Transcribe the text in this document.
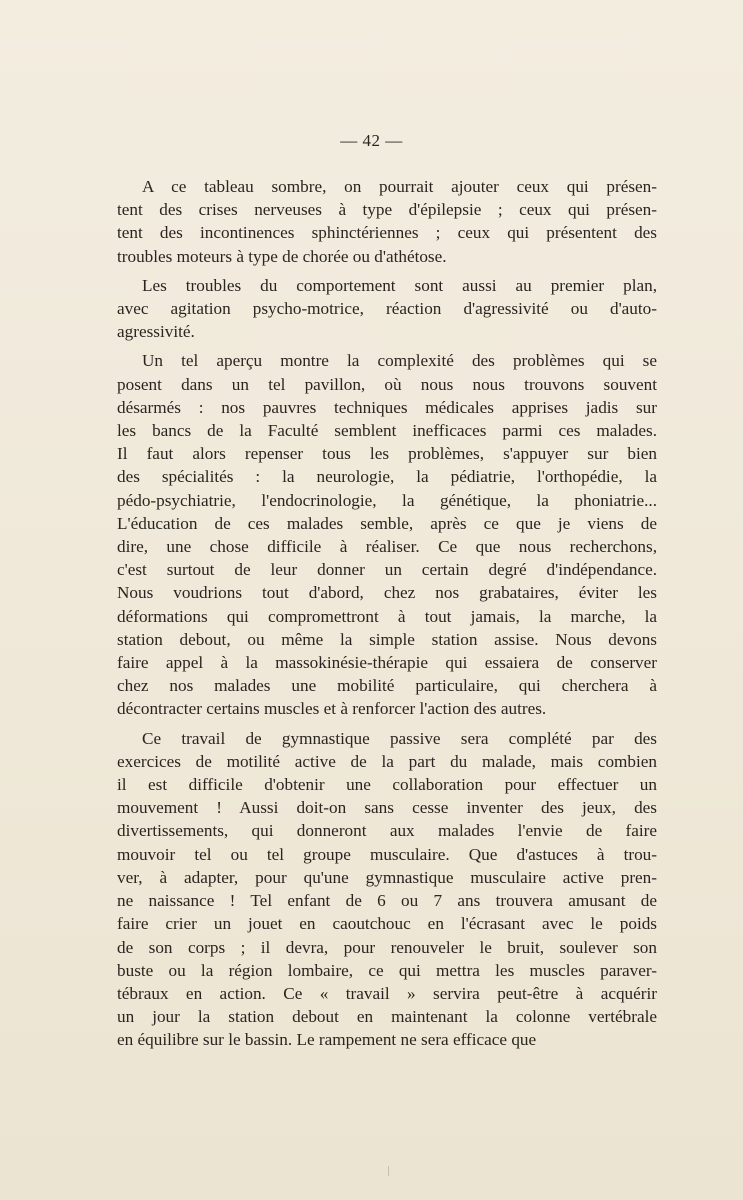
— 42 —

A ce tableau sombre, on pourrait ajouter ceux qui présen-
tent des crises nerveuses à type d'épilepsie ; ceux qui présen-
tent des incontinences sphinctériennes ; ceux qui présentent des
troubles moteurs à type de chorée ou d'athétose.

Les troubles du comportement sont aussi au premier plan,
avec agitation psycho-motrice, réaction d'agressivité ou d'auto-
agressivité.

Un tel aperçu montre la complexité des problèmes qui se
posent dans un tel pavillon, où nous nous trouvons souvent
désarmés : nos pauvres techniques médicales apprises jadis sur
les bancs de la Faculté semblent inefficaces parmi ces malades.
Il faut alors repenser tous les problèmes, s'appuyer sur bien
des spécialités : la neurologie, la pédiatrie, l'orthopédie, la
pédo-psychiatrie, l'endocrinologie, la génétique, la phoniatrie...
L'éducation de ces malades semble, après ce que je viens de
dire, une chose difficile à réaliser. Ce que nous recherchons,
c'est surtout de leur donner un certain degré d'indépendance.
Nous voudrions tout d'abord, chez nos grabataires, éviter les
déformations qui compromettront à tout jamais, la marche, la
station debout, ou même la simple station assise. Nous devons
faire appel à la massokinésie-thérapie qui essaiera de conserver
chez nos malades une mobilité particulaire, qui cherchera à
décontracter certains muscles et à renforcer l'action des autres.

Ce travail de gymnastique passive sera complété par des
exercices de motilité active de la part du malade, mais combien
il est difficile d'obtenir une collaboration pour effectuer un
mouvement ! Aussi doit-on sans cesse inventer des jeux, des
divertissements, qui donneront aux malades l'envie de faire
mouvoir tel ou tel groupe musculaire. Que d'astuces à trou-
ver, à adapter, pour qu'une gymnastique musculaire active pren-
ne naissance ! Tel enfant de 6 ou 7 ans trouvera amusant de
faire crier un jouet en caoutchouc en l'écrasant avec le poids
de son corps ; il devra, pour renouveler le bruit, soulever son
buste ou la région lombaire, ce qui mettra les muscles paraver-
tébraux en action. Ce « travail » servira peut-être à acquérir
un jour la station debout en maintenant la colonne vertébrale
en équilibre sur le bassin. Le rampement ne sera efficace que
